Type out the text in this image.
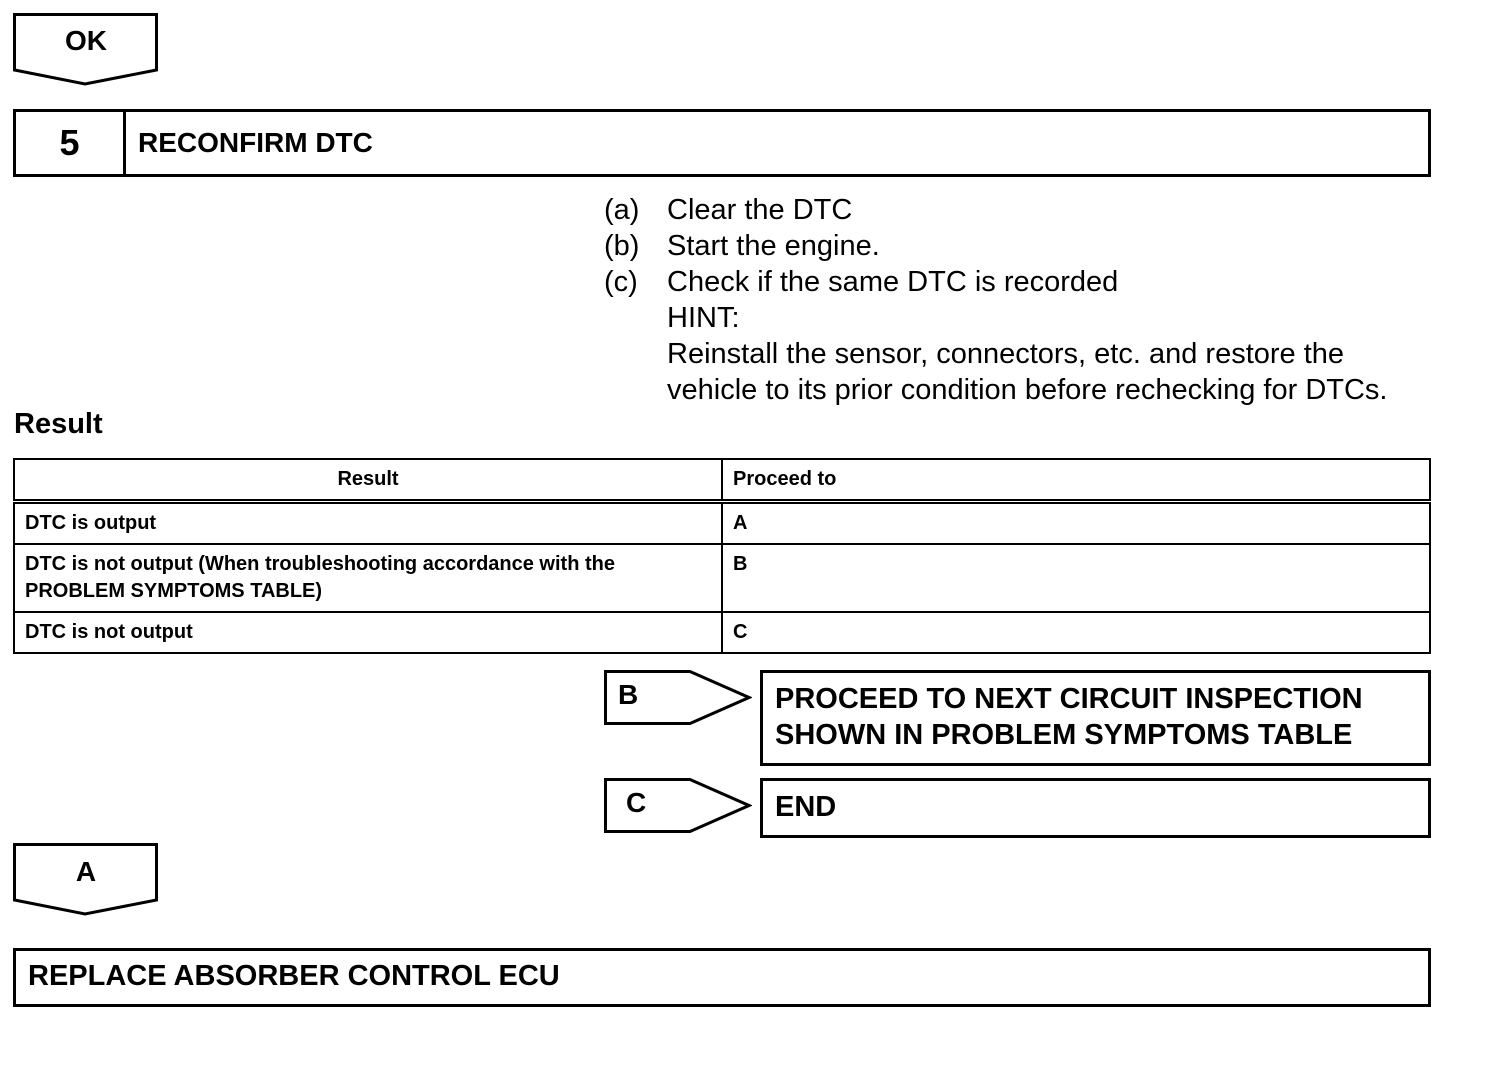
OK
5	RECONFIRM DTC
(a) Clear the DTC
(b) Start the engine.
(c)	Check if the same DTC is recorded
HINT:
Reinstall the sensor, connectors, etc. and restore the
vehicle to its prior condition before rechecking for DTCs.
Result
Result	Proceed to
DTC is output	A
DTC is not output (When troubleshooting accordance with the PROBLEM SYMPTOMS TABLE)	B
DTC is not output	C
B	PROCEED TO NEXT CIRCUIT INSPECTION
SHOWN IN PROBLEM SYMPTOMS TABLE
C	END
A
REPLACE ABSORBER CONTROL ECU
